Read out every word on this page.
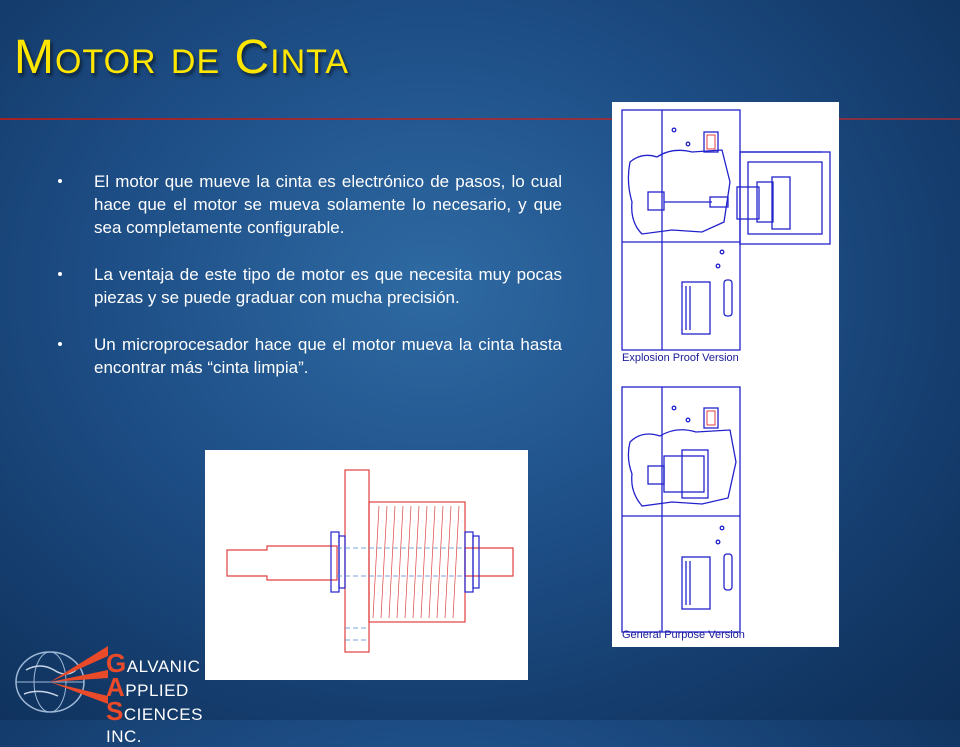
Motor de Cinta
El motor que mueve la cinta es electrónico de pasos, lo cual hace que el motor se mueva solamente lo necesario, y que sea completamente configurable.
La ventaja de este tipo de motor es que necesita muy pocas piezas y se puede graduar con mucha precisión.
Un microprocesador hace que el motor mueva la cinta hasta encontrar más “cinta limpia”.	Explosion Proof Version
General Purpose Version
GALVANIC
APPLIED
SCIENCES INC.
